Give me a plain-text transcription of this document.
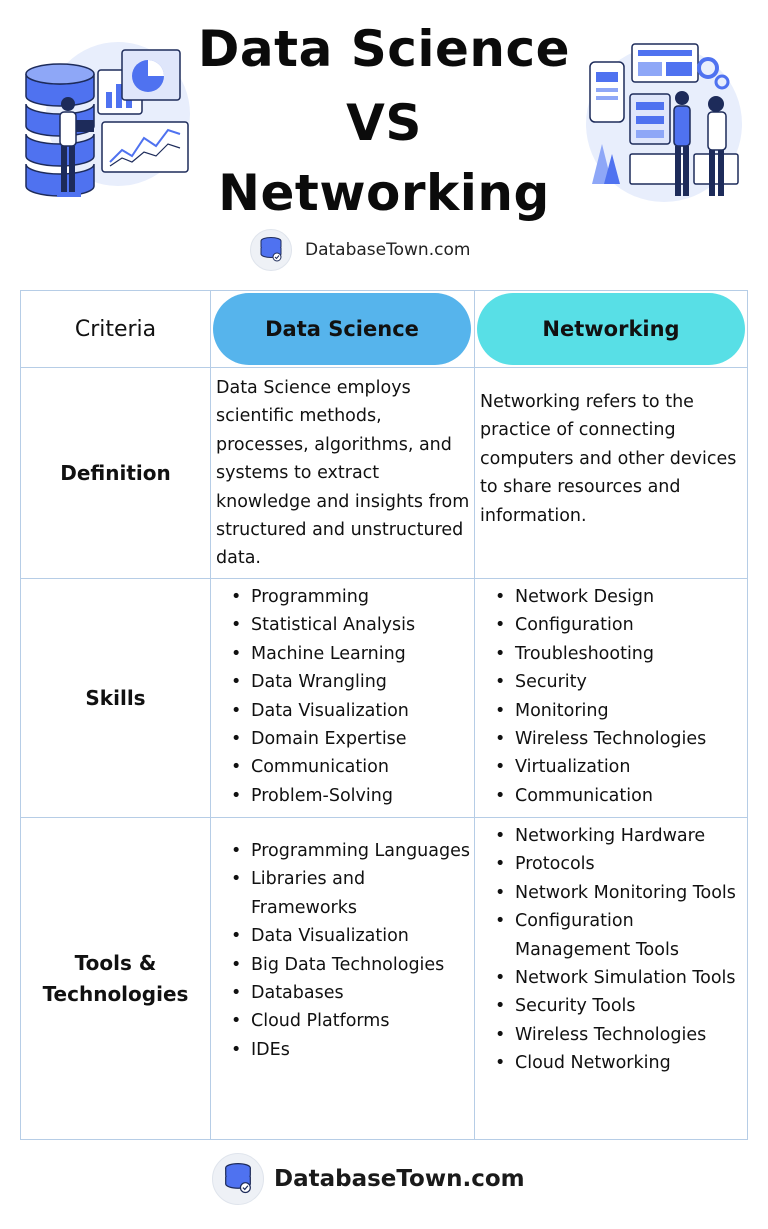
Data Science
VS
Networking
DatabaseTown.com
Criteria	Data Science	Networking
Definition
Data Science employs scientific methods, processes, algorithms, and systems to extract knowledge and insights from structured and unstructured data.
Networking refers to the practice of connecting computers and other devices to share resources and information.
Skills
• Programming
• Statistical Analysis
• Machine Learning
• Data Wrangling
• Data Visualization
• Domain Expertise
• Communication
• Problem-Solving
• Network Design
• Configuration
• Troubleshooting
• Security
• Monitoring
• Wireless Technologies
• Virtualization
• Communication
Tools & Technologies
• Programming Languages
• Libraries and Frameworks
• Data Visualization
• Big Data Technologies
• Databases
• Cloud Platforms
• IDEs
• Networking Hardware
• Protocols
• Network Monitoring Tools
• Configuration Management Tools
• Network Simulation Tools
• Security Tools
• Wireless Technologies
• Cloud Networking
DatabaseTown.com
